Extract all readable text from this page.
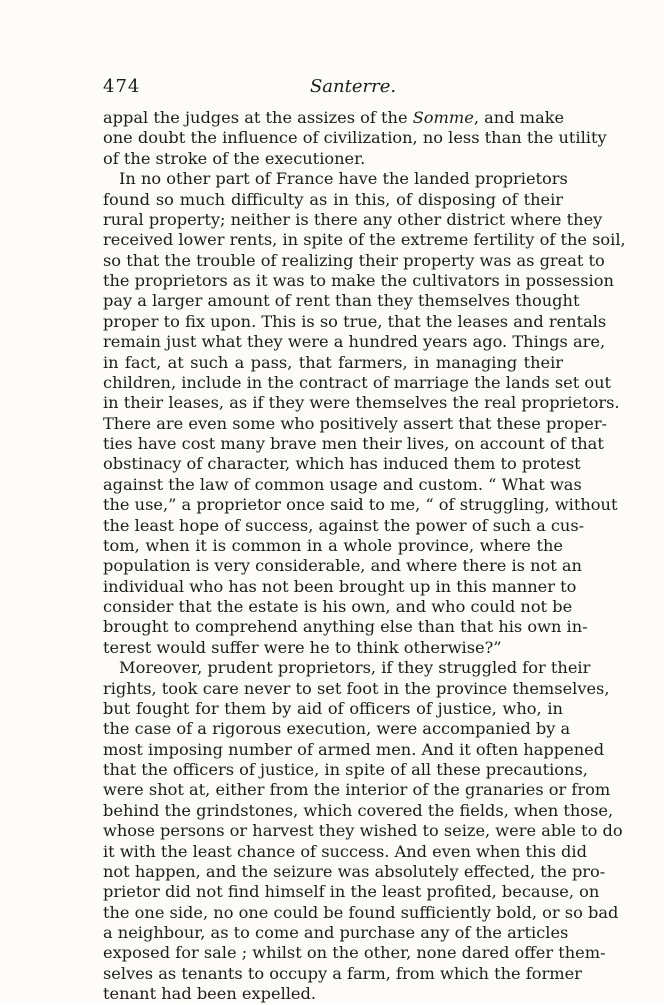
474	Santerre.
appal the judges at the assizes of the Somme, and make
one doubt the influence of civilization, no less than the utility
of the stroke of the executioner.
In no other part of France have the landed proprietors
found so much difficulty as in this, of disposing of their
rural property; neither is there any other district where they
received lower rents, in spite of the extreme fertility of the soil,
so that the trouble of realizing their property was as great to
the proprietors as it was to make the cultivators in possession
pay a larger amount of rent than they themselves thought
proper to fix upon. This is so true, that the leases and rentals
remain just what they were a hundred years ago. Things are,
in fact, at such a pass, that farmers, in managing their
children, include in the contract of marriage the lands set out
in their leases, as if they were themselves the real proprietors.
There are even some who positively assert that these proper-
ties have cost many brave men their lives, on account of that
obstinacy of character, which has induced them to protest
against the law of common usage and custom. “ What was
the use,” a proprietor once said to me, “ of struggling, without
the least hope of success, against the power of such a cus-
tom, when it is common in a whole province, where the
population is very considerable, and where there is not an
individual who has not been brought up in this manner to
consider that the estate is his own, and who could not be
brought to comprehend anything else than that his own in-
terest would suffer were he to think otherwise?”
Moreover, prudent proprietors, if they struggled for their
rights, took care never to set foot in the province themselves,
but fought for them by aid of officers of justice, who, in
the case of a rigorous execution, were accompanied by a
most imposing number of armed men. And it often happened
that the officers of justice, in spite of all these precautions,
were shot at, either from the interior of the granaries or from
behind the grindstones, which covered the fields, when those,
whose persons or harvest they wished to seize, were able to do
it with the least chance of success. And even when this did
not happen, and the seizure was absolutely effected, the pro-
prietor did not find himself in the least profited, because, on
the one side, no one could be found sufficiently bold, or so bad
a neighbour, as to come and purchase any of the articles
exposed for sale ; whilst on the other, none dared offer them-
selves as tenants to occupy a farm, from which the former
tenant had been expelled.
